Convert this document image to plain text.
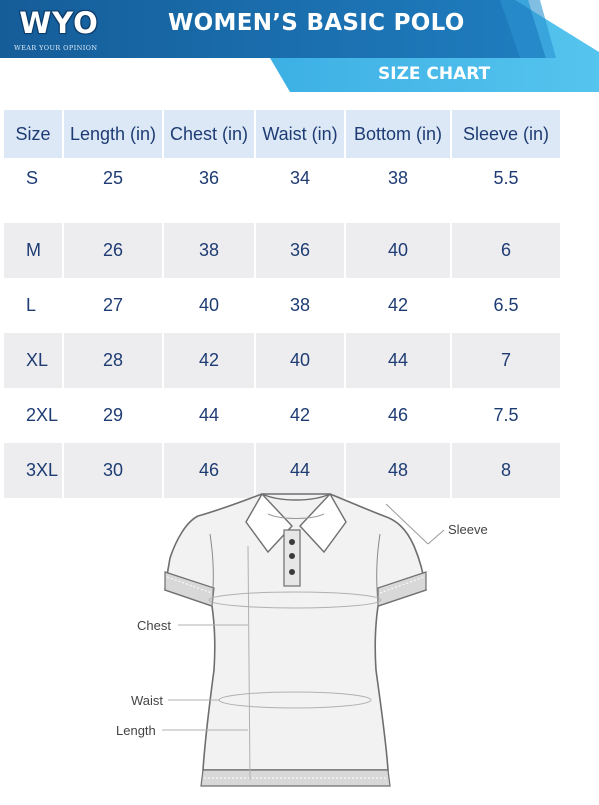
WYO
WEAR YOUR OPINION
WOMEN’S BASIC POLO
SIZE CHART
Size	Length (in)	Chest (in)	Waist (in)	Bottom (in)	Sleeve (in)
S	25	36	34	38	5.5
M	26	38	36	40	6
L	27	40	38	42	6.5
XL	28	42	40	44	7
2XL	29	44	42	46	7.5
3XL	30	46	44	48	8
Sleeve
Chest
Waist
Length
